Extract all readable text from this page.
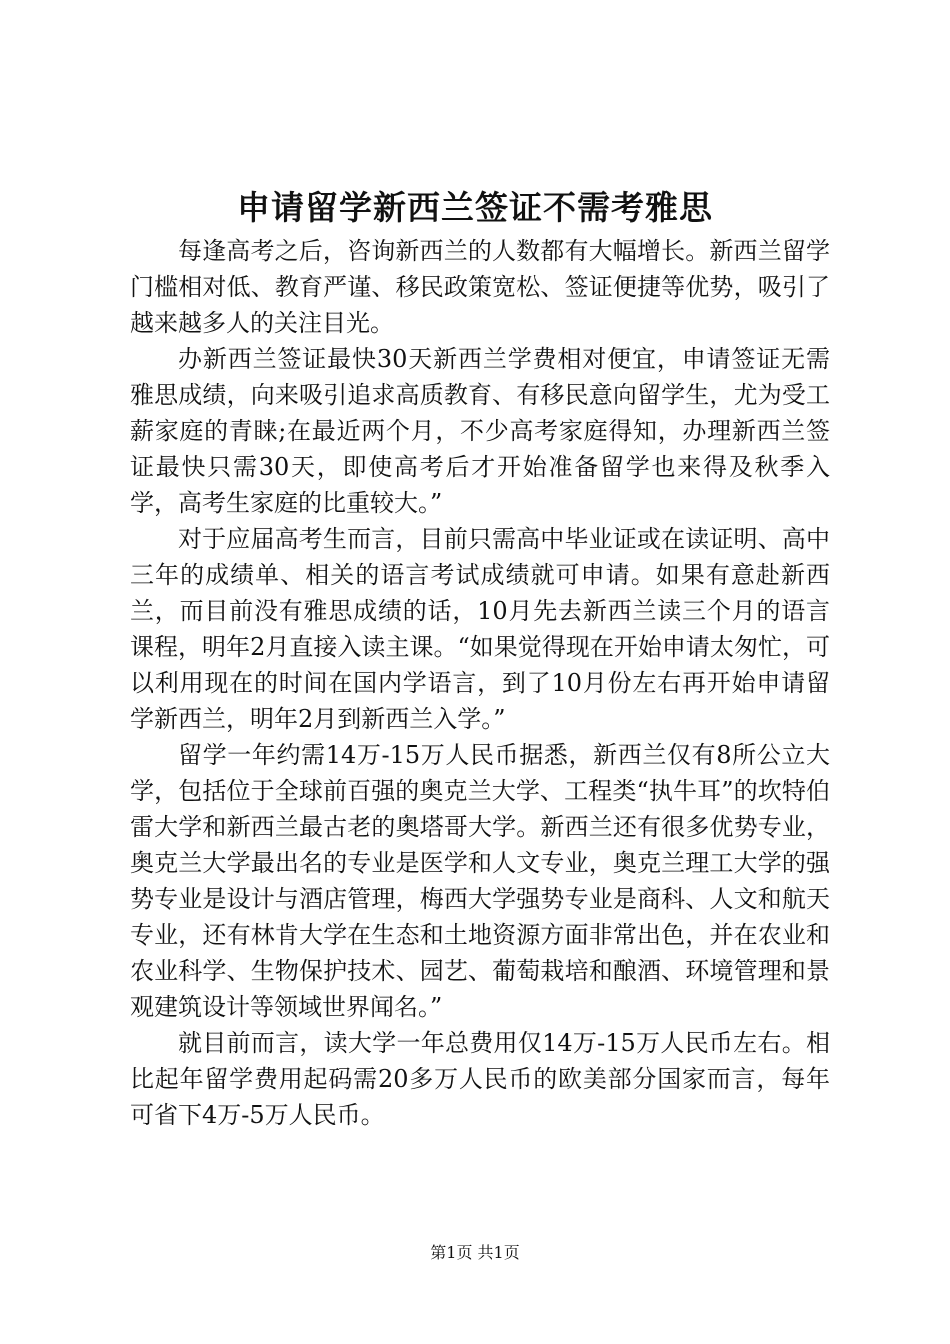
申请留学新西兰签证不需考雅思

每逢高考之后，咨询新西兰的人数都有大幅增长。新西兰留学门槛相对低、教育严谨、移民政策宽松、签证便捷等优势，吸引了越来越多人的关注目光。

办新西兰签证最快30天新西兰学费相对便宜，申请签证无需雅思成绩，向来吸引追求高质教育、有移民意向留学生，尤为受工薪家庭的青睐;在最近两个月，不少高考家庭得知，办理新西兰签证最快只需30天，即使高考后才开始准备留学也来得及秋季入学，高考生家庭的比重较大。”

对于应届高考生而言，目前只需高中毕业证或在读证明、高中三年的成绩单、相关的语言考试成绩就可申请。如果有意赴新西兰，而目前没有雅思成绩的话，10月先去新西兰读三个月的语言课程，明年2月直接入读主课。“如果觉得现在开始申请太匆忙，可以利用现在的时间在国内学语言，到了10月份左右再开始申请留学新西兰，明年2月到新西兰入学。”

留学一年约需14万-15万人民币据悉，新西兰仅有8所公立大学，包括位于全球前百强的奥克兰大学、工程类“执牛耳”的坎特伯雷大学和新西兰最古老的奥塔哥大学。新西兰还有很多优势专业，奥克兰大学最出名的专业是医学和人文专业，奥克兰理工大学的强势专业是设计与酒店管理，梅西大学强势专业是商科、人文和航天专业，还有林肯大学在生态和土地资源方面非常出色，并在农业和农业科学、生物保护技术、园艺、葡萄栽培和酿酒、环境管理和景观建筑设计等领域世界闻名。”

就目前而言，读大学一年总费用仅14万-15万人民币左右。相比起年留学费用起码需20多万人民币的欧美部分国家而言，每年可省下4万-5万人民币。

第1页 共1页
